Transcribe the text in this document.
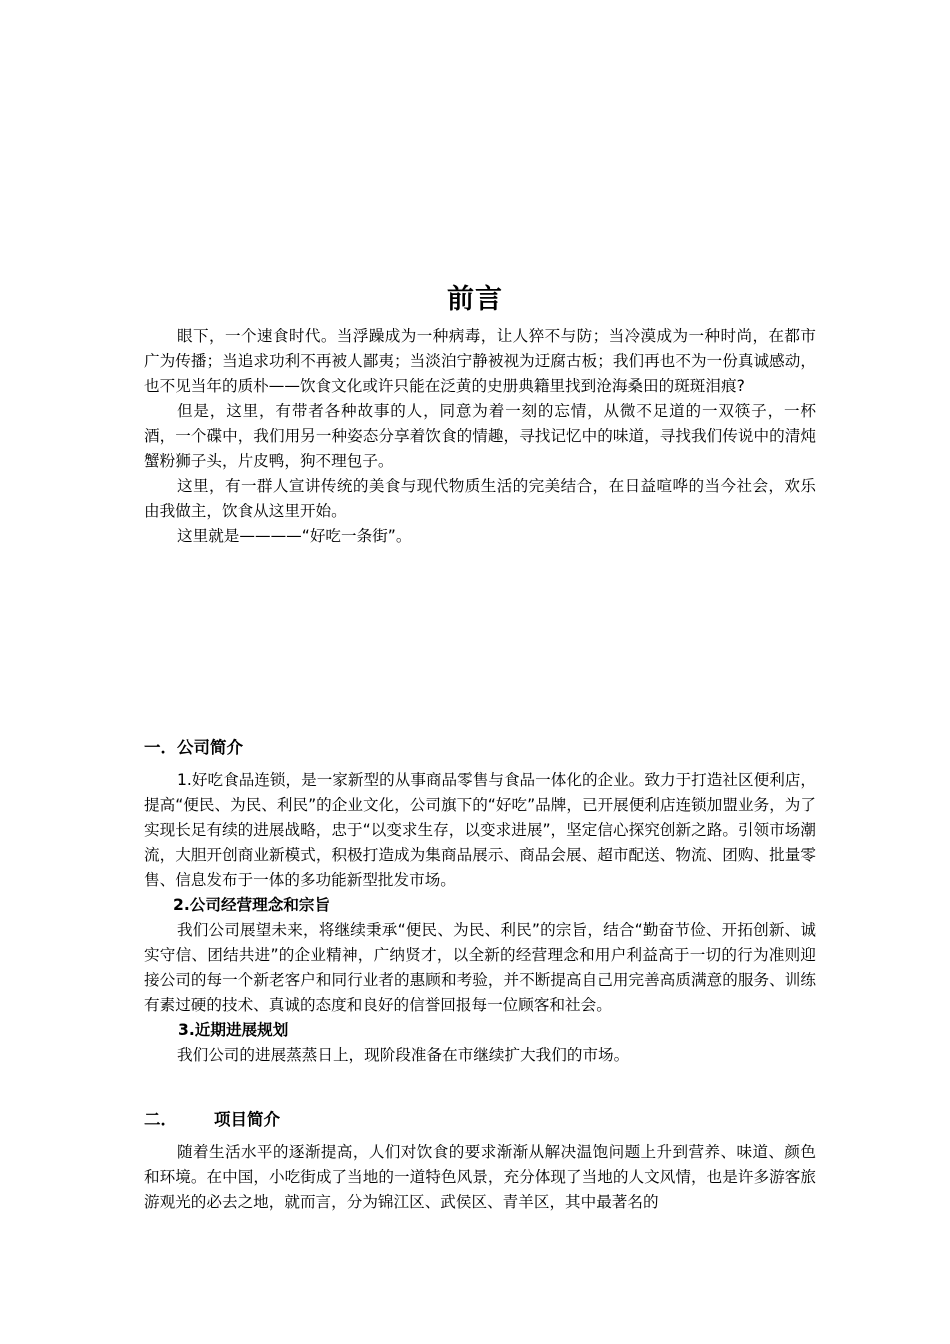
前言

眼下，一个速食时代。当浮躁成为一种病毒，让人猝不与防；当冷漠成为一种时尚，在都市广为传播；当追求功利不再被人鄙夷；当淡泊宁静被视为迂腐古板；我们再也不为一份真诚感动，也不见当年的质朴——饮食文化或许只能在泛黄的史册典籍里找到沧海桑田的斑斑泪痕?

但是，这里，有带者各种故事的人，同意为着一刻的忘情，从微不足道的一双筷子，一杯酒，一个碟中，我们用另一种姿态分享着饮食的情趣，寻找记忆中的味道，寻找我们传说中的清炖蟹粉狮子头，片皮鸭，狗不理包子。

这里，有一群人宣讲传统的美食与现代物质生活的完美结合，在日益喧哗的当今社会，欢乐由我做主，饮食从这里开始。

这里就是————“好吃一条街”。

一．公司简介

1.好吃食品连锁，是一家新型的从事商品零售与食品一体化的企业。致力于打造社区便利店，提高“便民、为民、利民”的企业文化，公司旗下的“好吃”品牌，已开展便利店连锁加盟业务，为了实现长足有续的进展战略，忠于“以变求生存，以变求进展”，坚定信心探究创新之路。引领市场潮流，大胆开创商业新模式，积极打造成为集商品展示、商品会展、超市配送、物流、团购、批量零售、信息发布于一体的多功能新型批发市场。

2.公司经营理念和宗旨

我们公司展望未来，将继续秉承“便民、为民、利民”的宗旨，结合“勤奋节俭、开拓创新、诚实守信、团结共进”的企业精神，广纳贤才，以全新的经营理念和用户利益高于一切的行为准则迎接公司的每一个新老客户和同行业者的惠顾和考验，并不断提高自己用完善高质满意的服务、训练有素过硬的技术、真诚的态度和良好的信誉回报每一位顾客和社会。

3.近期进展规划

我们公司的进展蒸蒸日上，现阶段准备在市继续扩大我们的市场。

二． 项目简介

随着生活水平的逐渐提高，人们对饮食的要求渐渐从解决温饱问题上升到营养、味道、颜色和环境。在中国，小吃街成了当地的一道特色风景，充分体现了当地的人文风情，也是许多游客旅游观光的必去之地，就而言，分为锦江区、武侯区、青羊区，其中最著名的
